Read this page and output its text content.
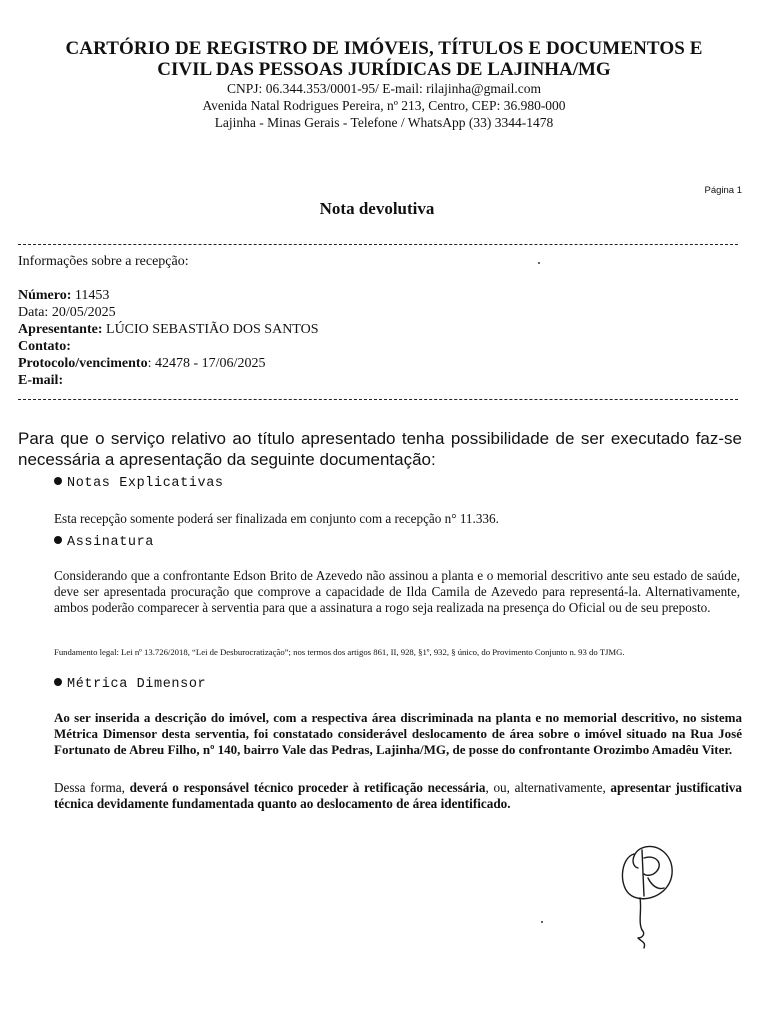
CARTÓRIO DE REGISTRO DE IMÓVEIS, TÍTULOS E DOCUMENTOS E
CIVIL DAS PESSOAS JURÍDICAS DE LAJINHA/MG
CNPJ: 06.344.353/0001-95/ E-mail: rilajinha@gmail.com
Avenida Natal Rodrigues Pereira, nº 213, Centro, CEP: 36.980-000
Lajinha - Minas Gerais - Telefone / WhatsApp (33) 3344-1478
Página 1
Nota devolutiva
Informações sobre a recepção:
Número: 11453
Data: 20/05/2025
Apresentante: LÚCIO SEBASTIÃO DOS SANTOS
Contato:
Protocolo/vencimento: 42478 - 17/06/2025
E-mail:
Para que o serviço relativo ao título apresentado tenha possibilidade de ser executado faz-se necessária a apresentação da seguinte documentação:
Notas Explicativas
Esta recepção somente poderá ser finalizada em conjunto com a recepção n° 11.336.
Assinatura
Considerando que a confrontante Edson Brito de Azevedo não assinou a planta e o memorial descritivo ante seu estado de saúde, deve ser apresentada procuração que comprove a capacidade de Ilda Camila de Azevedo para representá-la. Alternativamente, ambos poderão comparecer à serventia para que a assinatura a rogo seja realizada na presença do Oficial ou de seu preposto.
Fundamento legal: Lei nº 13.726/2018, “Lei de Desburocratização”; nos termos dos artigos 861, II, 928, §1º, 932, § único, do Provimento Conjunto n. 93 do TJMG.
Métrica Dimensor
Ao ser inserida a descrição do imóvel, com a respectiva área discriminada na planta e no memorial descritivo, no sistema Métrica Dimensor desta serventia, foi constatado considerável deslocamento de área sobre o imóvel situado na Rua José Fortunato de Abreu Filho, nº 140, bairro Vale das Pedras, Lajinha/MG, de posse do confrontante Orozimbo Amadêu Viter.
Dessa forma, deverá o responsável técnico proceder à retificação necessária, ou, alternativamente, apresentar justificativa técnica devidamente fundamentada quanto ao deslocamento de área identificado.
